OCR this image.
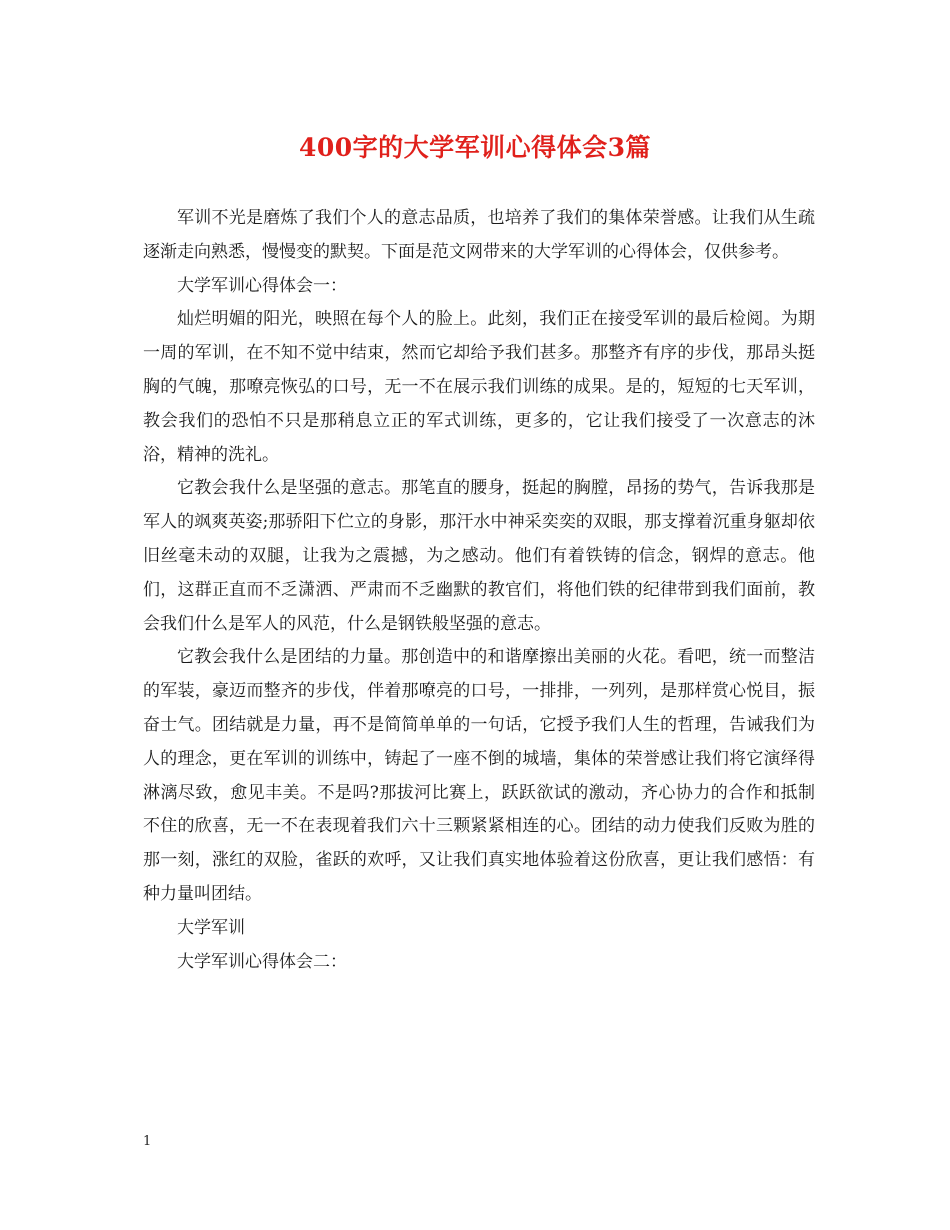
400字的大学军训心得体会3篇

军训不光是磨炼了我们个人的意志品质，也培养了我们的集体荣誉感。让我们从生疏逐渐走向熟悉，慢慢变的默契。下面是范文网带来的大学军训的心得体会，仅供参考。

大学军训心得体会一：

灿烂明媚的阳光，映照在每个人的脸上。此刻，我们正在接受军训的最后检阅。为期一周的军训，在不知不觉中结束，然而它却给予我们甚多。那整齐有序的步伐，那昂头挺胸的气魄，那嘹亮恢弘的口号，无一不在展示我们训练的成果。是的，短短的七天军训，教会我们的恐怕不只是那稍息立正的军式训练，更多的，它让我们接受了一次意志的沐浴，精神的洗礼。

它教会我什么是坚强的意志。那笔直的腰身，挺起的胸膛，昂扬的势气，告诉我那是军人的飒爽英姿;那骄阳下伫立的身影，那汗水中神采奕奕的双眼，那支撑着沉重身躯却依旧丝毫未动的双腿，让我为之震撼，为之感动。他们有着铁铸的信念，钢焊的意志。他们，这群正直而不乏潇洒、严肃而不乏幽默的教官们，将他们铁的纪律带到我们面前，教会我们什么是军人的风范，什么是钢铁般坚强的意志。

它教会我什么是团结的力量。那创造中的和谐摩擦出美丽的火花。看吧，统一而整洁的军装，豪迈而整齐的步伐，伴着那嘹亮的口号，一排排，一列列，是那样赏心悦目，振奋士气。团结就是力量，再不是简简单单的一句话，它授予我们人生的哲理，告诫我们为人的理念，更在军训的训练中，铸起了一座不倒的城墙，集体的荣誉感让我们将它演绎得淋漓尽致，愈见丰美。不是吗?那拔河比赛上，跃跃欲试的激动，齐心协力的合作和抵制不住的欣喜，无一不在表现着我们六十三颗紧紧相连的心。团结的动力使我们反败为胜的那一刻，涨红的双脸，雀跃的欢呼，又让我们真实地体验着这份欣喜，更让我们感悟：有种力量叫团结。

大学军训

大学军训心得体会二：

1
